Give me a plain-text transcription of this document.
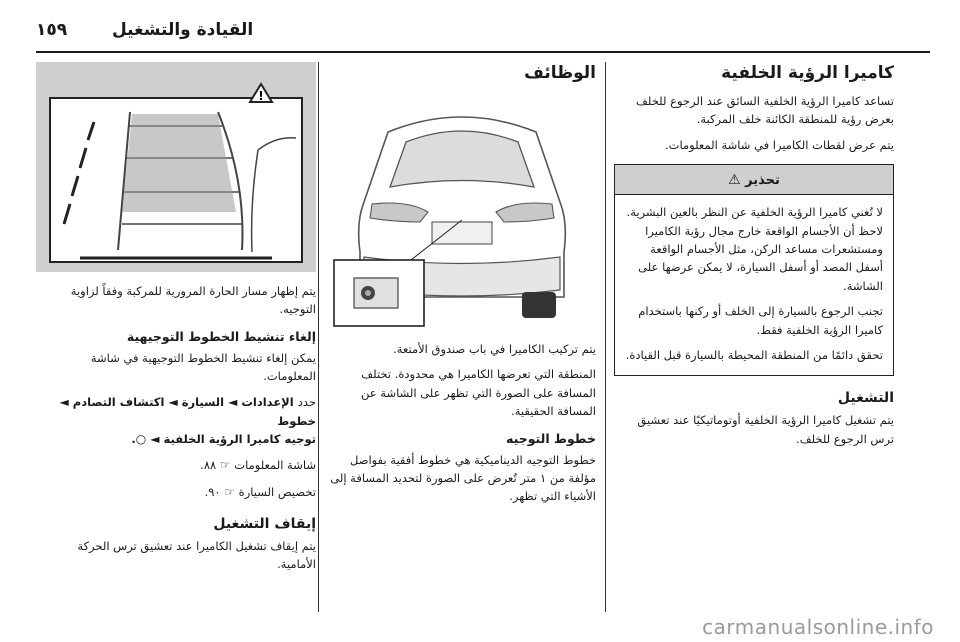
١٥٩	القيادة والتشغيل
كاميرا الرؤية الخلفية

تساعد كاميرا الرؤية الخلفية السائق عند الرجوع للخلف بعرض رؤية للمنطقة الكائنة خلف المركبة.

يتم عرض لقطات الكاميرا في شاشة المعلومات.

تحذير ⚠

لا تُغني كاميرا الرؤية الخلفية عن النظر بالعين البشرية. لاحظ أن الأجسام الواقعة خارج مجال رؤية الكاميرا ومستشعرات مساعد الركن، مثل الأجسام الواقعة أسفل المصد أو أسفل السيارة، لا يمكن عرضها على الشاشة.

تجنب الرجوع بالسيارة إلى الخلف أو ركنها باستخدام كاميرا الرؤية الخلفية فقط.

تحقق دائمًا من المنطقة المحيطة بالسيارة قبل القيادة.

التشغيل

يتم تشغيل كاميرا الرؤية الخلفية أوتوماتيكيًا عند تعشيق ترس الرجوع للخلف.

الوظائف

يتم تركيب الكاميرا في باب صندوق الأمتعة.

المنطقة التي تعرضها الكاميرا هي محدودة. تختلف المسافة على الصورة التي تظهر على الشاشة عن المسافة الحقيقية.

خطوط التوجيه

خطوط التوجيه الديناميكية هي خطوط أفقية بفواصل مؤلفة من ١ متر تُعرض على الصورة لتحديد المسافة إلى الأشياء التي تظهر.

!

يتم إظهار مسار الحارة المرورية للمركبة وفقاً لزاوية التوجيه.

إلغاء تنشيط الخطوط التوجيهية

يمكن إلغاء تنشيط الخطوط التوجيهية في شاشة المعلومات.

حدد الإعدادات ◄ السيارة ◄ اكتشاف التصادم ◄ خطوط
توجيه كاميرا الرؤية الخلفية ◄ ○.

شاشة المعلومات ☞ ٨٨.

تخصيص السيارة ☞ ٩٠.

إيقاف التشغيل

يتم إيقاف تشغيل الكاميرا عند تعشيق ترس الحركة الأمامية.

carmanualsonline.info
